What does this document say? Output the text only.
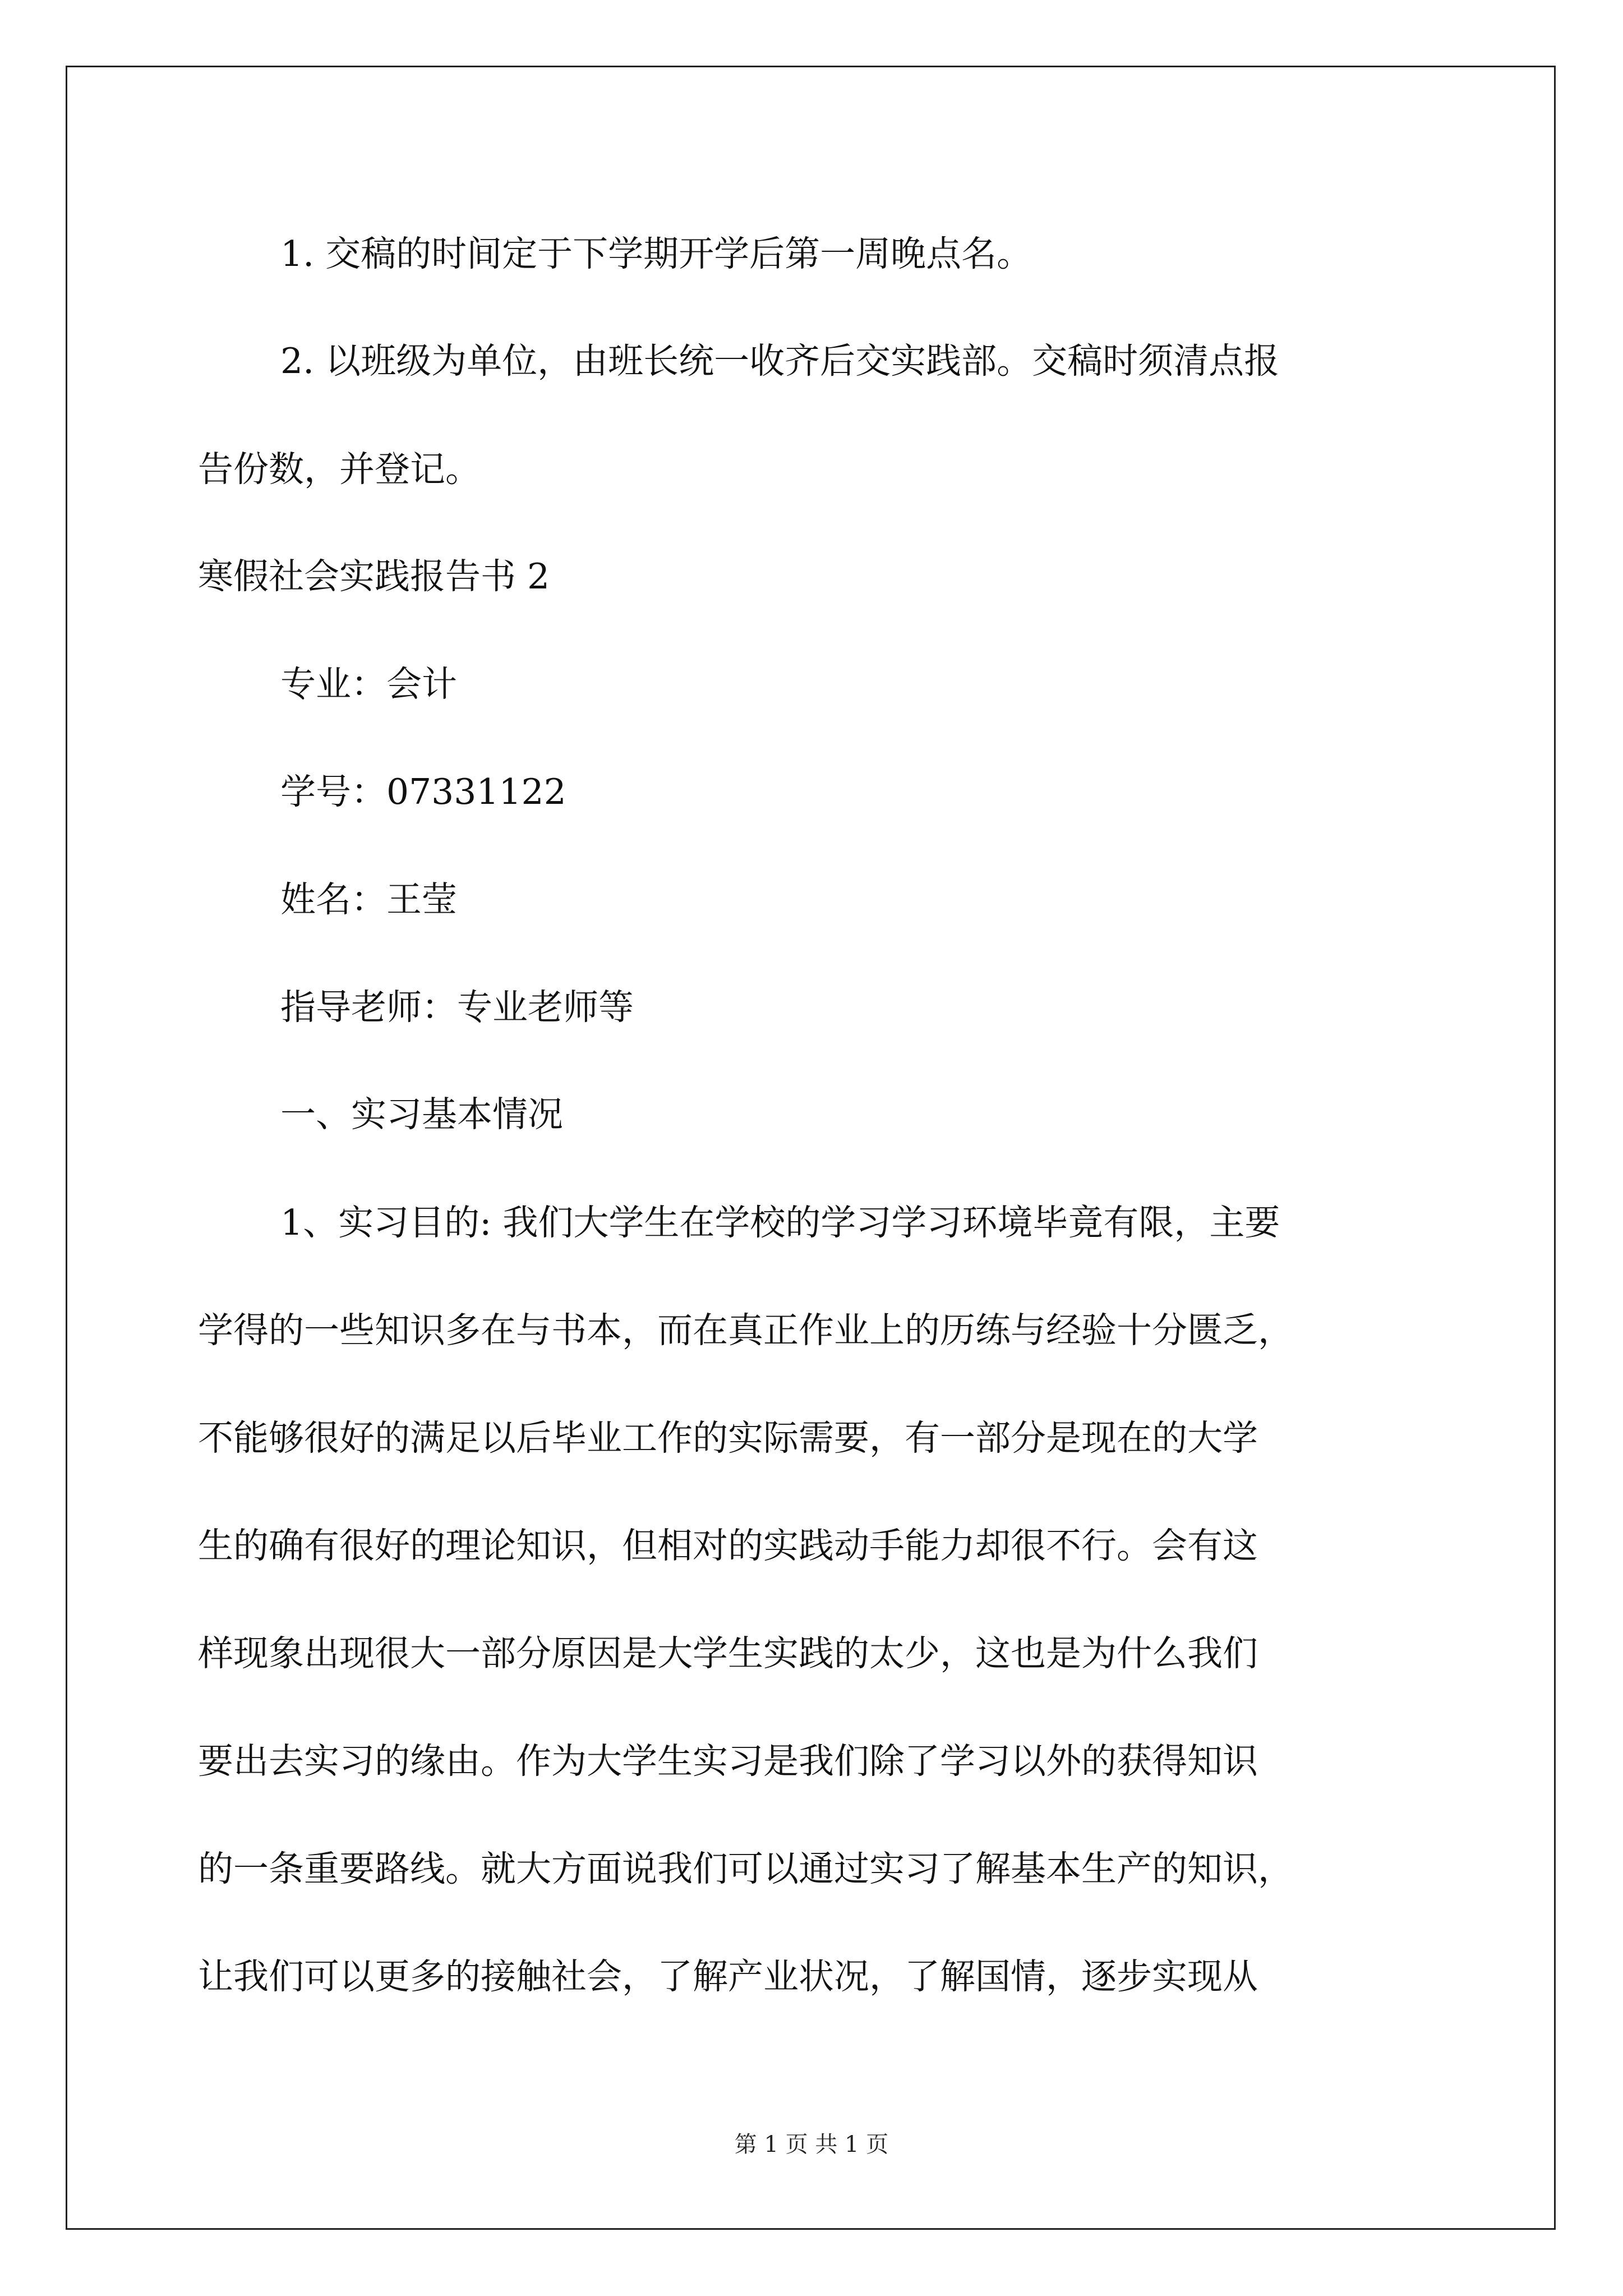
1. 交稿的时间定于下学期开学后第一周晚点名。
2. 以班级为单位，由班长统一收齐后交实践部。交稿时须清点报
告份数，并登记。
寒假社会实践报告书 2
专业：会计
学号：07331122
姓名：王莹
指导老师：专业老师等
一、实习基本情况
1、实习目的: 我们大学生在学校的学习学习环境毕竟有限，主要
学得的一些知识多在与书本，而在真正作业上的历练与经验十分匮乏，
不能够很好的满足以后毕业工作的实际需要，有一部分是现在的大学
生的确有很好的理论知识，但相对的实践动手能力却很不行。会有这
样现象出现很大一部分原因是大学生实践的太少，这也是为什么我们
要出去实习的缘由。作为大学生实习是我们除了学习以外的获得知识
的一条重要路线。就大方面说我们可以通过实习了解基本生产的知识，
让我们可以更多的接触社会，了解产业状况，了解国情，逐步实现从
第 1 页 共 1 页
